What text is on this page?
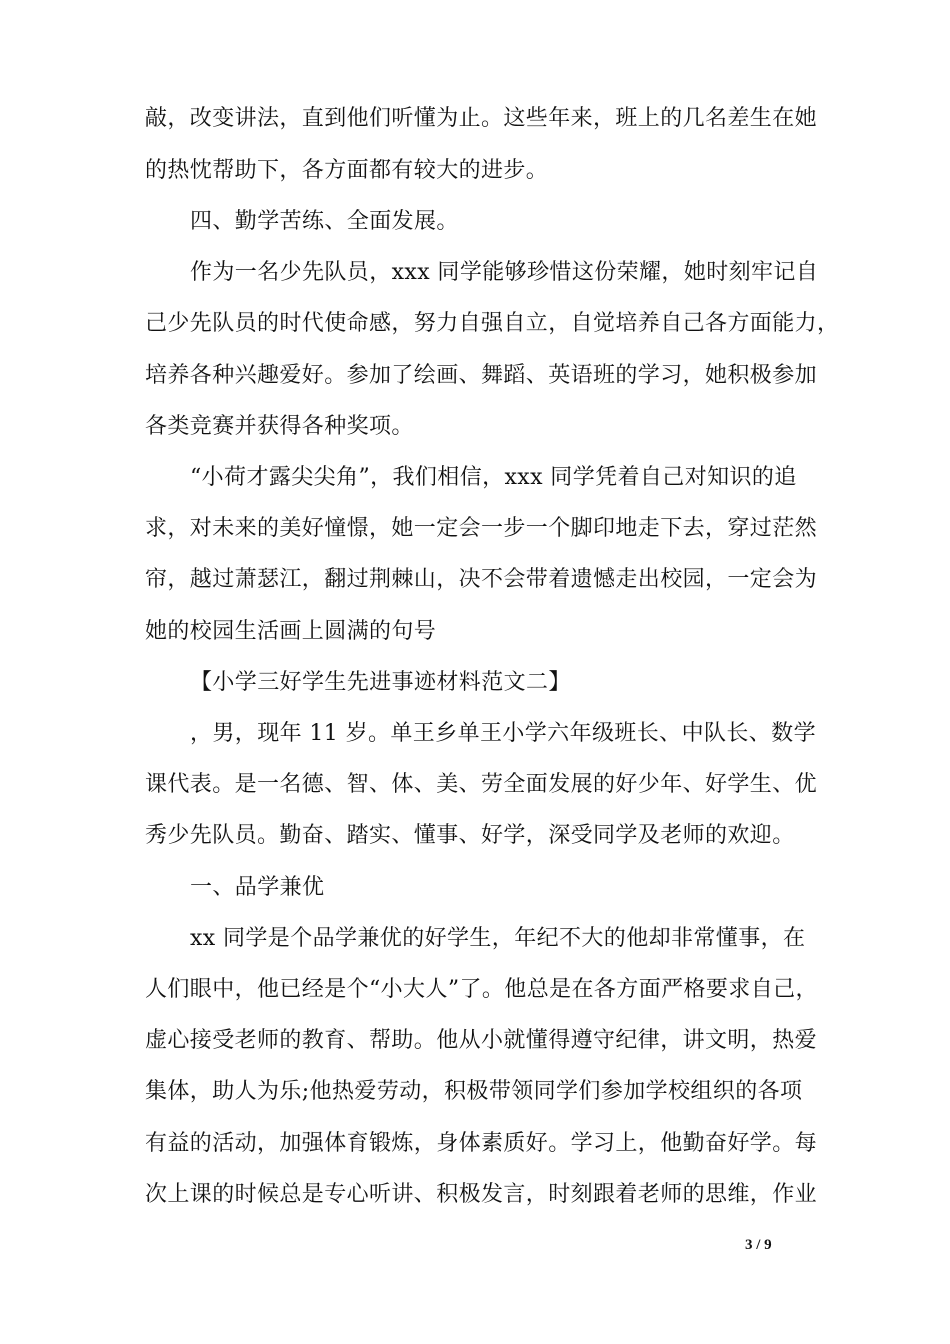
敲，改变讲法，直到他们听懂为止。这些年来，班上的几名差生在她
的热忱帮助下，各方面都有较大的进步。
四、勤学苦练、全面发展。
作为一名少先队员，xxx 同学能够珍惜这份荣耀，她时刻牢记自
己少先队员的时代使命感，努力自强自立，自觉培养自己各方面能力，
培养各种兴趣爱好。参加了绘画、舞蹈、英语班的学习，她积极参加
各类竞赛并获得各种奖项。
“小荷才露尖尖角”，我们相信，xxx 同学凭着自己对知识的追
求，对未来的美好憧憬，她一定会一步一个脚印地走下去，穿过茫然
帘，越过萧瑟江，翻过荆棘山，决不会带着遗憾走出校园，一定会为
她的校园生活画上圆满的句号
【小学三好学生先进事迹材料范文二】
，男，现年 11 岁。单王乡单王小学六年级班长、中队长、数学
课代表。是一名德、智、体、美、劳全面发展的好少年、好学生、优
秀少先队员。勤奋、踏实、懂事、好学，深受同学及老师的欢迎。
一、品学兼优
xx 同学是个品学兼优的好学生，年纪不大的他却非常懂事，在
人们眼中，他已经是个“小大人”了。他总是在各方面严格要求自己，
虚心接受老师的教育、帮助。他从小就懂得遵守纪律，讲文明，热爱
集体，助人为乐;他热爱劳动，积极带领同学们参加学校组织的各项
有益的活动，加强体育锻炼，身体素质好。学习上，他勤奋好学。每
次上课的时候总是专心听讲、积极发言，时刻跟着老师的思维，作业
3 / 9
